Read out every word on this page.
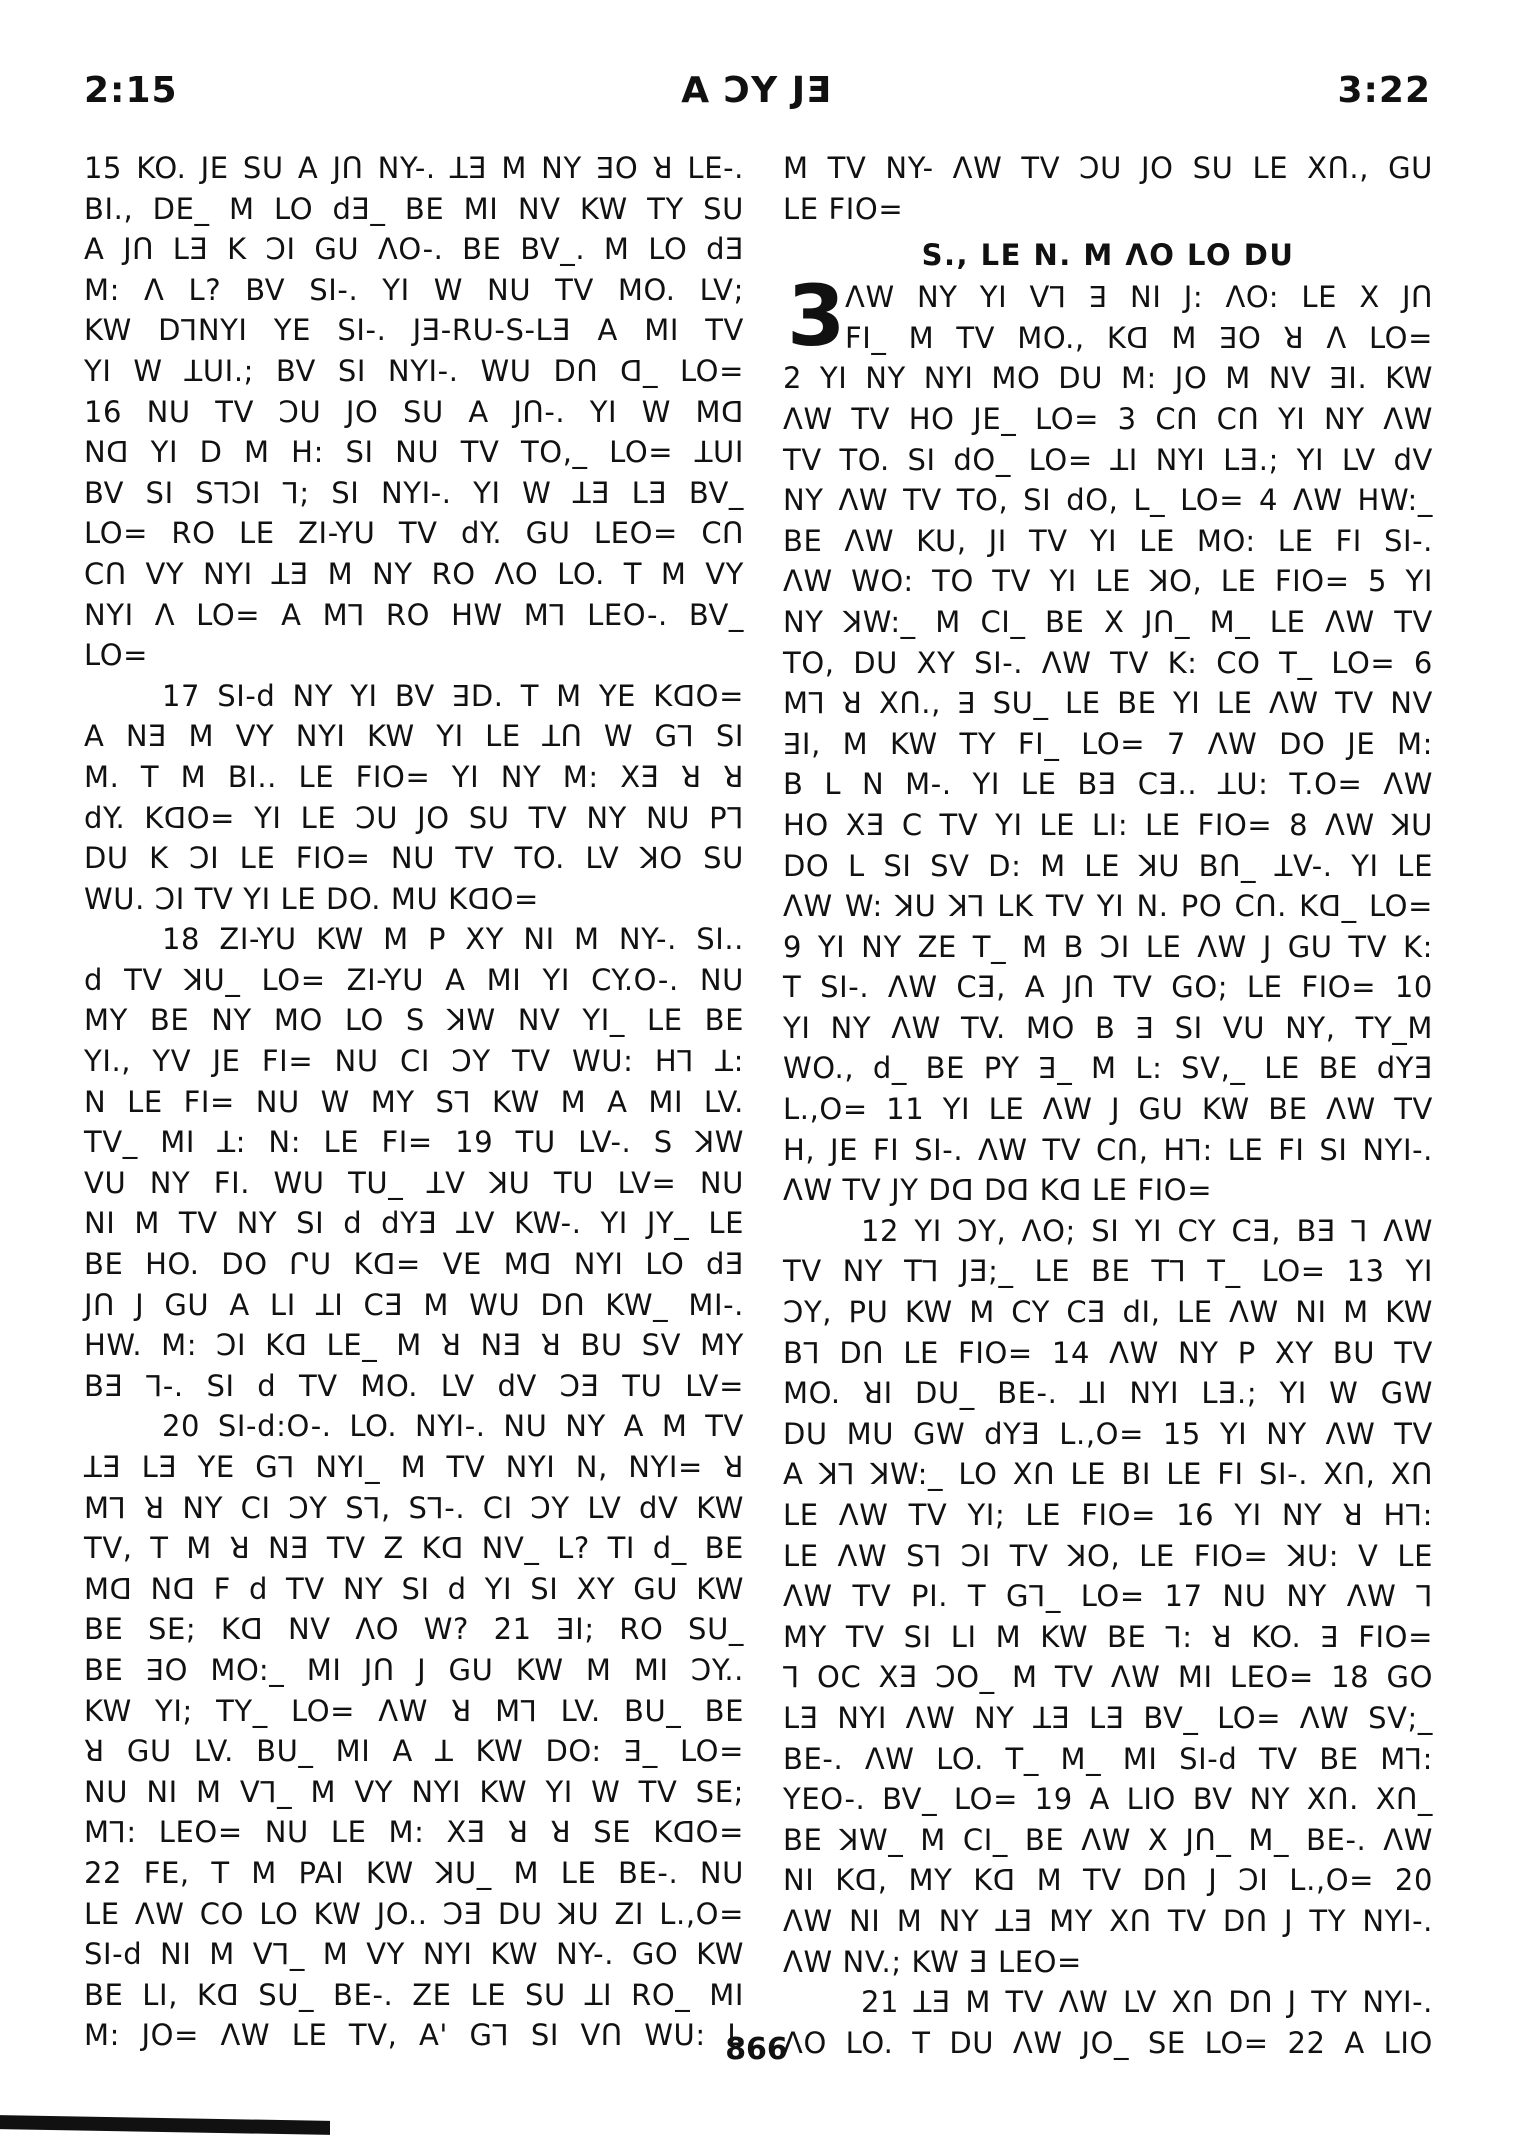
2:15	A ƆY JƎ	3:22
15 KO. JE SU A JՈ NY-. ꓕƎ M NY ꓱO ꓤ LE-.
BI., DE_ M LO dƎ_ BE MI NV KW TY SU
A JՈ LƎ K ƆI GU ΛO-. BE BV_. M LO dƎ
M: Λ L? BV SI-. YI W NU TV MO. LV;
KW DꓶNYI YE SI-. JƎ-RU-S-LƎ A MI TV
YI W ꓕUI.; BV SI NYI-. WU DՈ ꓷ_ LO=
16 NU TV ƆU JO SU A JՈ-. YI W Mꓷ
Nꓷ YI D M H: SI NU TV TO,_ LO= ꓕUI
BV SI SꓶƆI ꓶ; SI NYI-. YI W ꓕƎ LƎ BV_
LO= RO LE ZI-YU TV dY. GU LEO= CՈ
CՈ VY NYI ꓕƎ M NY RO ΛO LO. T M VY
NYI Λ LO= A Mꓶ RO HW Mꓶ LEO-. BV_
LO=
17 SI-d NY YI BV ꓱD. T M YE KꓷO=
A NƎ M VY NYI KW YI LE ꓕՈ W Gꓶ SI
M. T M BI.. LE FIO= YI NY M: XƎ ꓤ ꓤ
dY. KꓷO= YI LE ƆU JO SU TV NY NU Pꓶ
DU K ƆI LE FIO= NU TV TO. LV ꓘO SU
WU. ƆI TV YI LE DO. MU KꓷO=
18 ZI-YU KW M P XY NI M NY-. SI..
d TV ꓘU_ LO= ZI-YU A MI YI CY.O-. NU
MY BE NY MO LO S ꓘW NV YI_ LE BE
YI., YV JE FI= NU CI ƆY TV WU: Hꓶ ꓕ:
N LE FI= NU W MY Sꓶ KW M A MI LV.
TV_ MI ꓕ: N: LE FI= 19 TU LV-. S ꓘW
VU NY FI. WU TU_ ꓕV ꓘU TU LV= NU
NI M TV NY SI d dYƎ ꓕV KW-. YI JY_ LE
BE HO. DO ՐU Kꓷ= VE Mꓷ NYI LO dƎ
JՈ J GU A LI ꓕI CƎ M WU DՈ KW_ MI-.
HW. M: ƆI Kꓷ LE_ M ꓤ NƎ ꓤ BU SV MY
BƎ ꓶ-. SI d TV MO. LV dV ƆƎ TU LV=
20 SI-d:O-. LO. NYI-. NU NY A M TV
ꓕƎ LƎ YE Gꓶ NYI_ M TV NYI N, NYI= ꓤ
Mꓶ ꓤ NY CI ƆY Sꓶ, Sꓶ-. CI ƆY LV dV KW
TV, T M ꓤ NƎ TV Z Kꓷ NV_ L? TI d_ BE
Mꓷ Nꓷ F d TV NY SI d YI SI XY GU KW
BE SE; Kꓷ NV ΛO W? 21 ꓱI; RO SU_
BE ꓱO MO:_ MI JՈ J GU KW M MI ƆY..
KW YI; TY_ LO= ΛW ꓤ Mꓶ LV. BU_ BE
ꓤ GU LV. BU_ MI A ꓕ KW DO: ꓱ_ LO=
NU NI M Vꓶ_ M VY NYI KW YI W TV SE;
Mꓶ: LEO= NU LE M: XƎ ꓤ ꓤ SE KꓷO=
22 FE, T M PAI KW ꓘU_ M LE BE-. NU
LE ΛW CO LO KW JO.. ƆƎ DU ꓘU ZI L.,O=
SI-d NI M Vꓶ_ M VY NYI KW NY-. GO KW
BE LI, Kꓷ SU_ BE-. ZE LE SU ꓕI RO_ MI
M: JO= ΛW LE TV, A' Gꓶ SI VՈ WU: L
M TV NY- ΛW TV ƆU JO SU LE XՈ., GU
LE FIO=
S., LE N. M ΛO LO DU
3
ΛW NY YI Vꓶ ꓱ NI J: ΛO: LE X JՈ
FI_ M TV MO., Kꓷ M ꓱO ꓤ Λ LO=
2 YI NY NYI MO DU M: JO M NV ꓱI. KW
ΛW TV HO JE_ LO= 3 CՈ CՈ YI NY ΛW
TV TO. SI dO_ LO= ꓕI NYI LƎ.; YI LV dV
NY ΛW TV TO, SI dO, L_ LO= 4 ΛW HW:_
BE ΛW KU, JI TV YI LE MO: LE FI SI-.
ΛW WO: TO TV YI LE ꓘO, LE FIO= 5 YI
NY ꓘW:_ M CI_ BE X JՈ_ M_ LE ΛW TV
TO, DU XY SI-. ΛW TV K: CO T_ LO= 6
Mꓶ ꓤ XՈ., ꓱ SU_ LE BE YI LE ΛW TV NV
ꓱI, M KW TY FI_ LO= 7 ΛW DO JE M:
B L N M-. YI LE BƎ CƎ.. ꓕU: T.O= ΛW
HO XƎ C TV YI LE LI: LE FIO= 8 ΛW ꓘU
DO L SI SV D: M LE ꓘU BՈ_ ꓕV-. YI LE
ΛW W: ꓘU ꓘꓶ LK TV YI N. PO CՈ. Kꓷ_ LO=
9 YI NY ZE T_ M B ƆI LE ΛW J GU TV K:
T SI-. ΛW CƎ, A JՈ TV GO; LE FIO= 10
YI NY ΛW TV. MO B ꓱ SI VU NY, TY_M
WO., d_ BE PY ꓱ_ M L: SV,_ LE BE dYƎ
L.,O= 11 YI LE ΛW J GU KW BE ΛW TV
H, JE FI SI-. ΛW TV CՈ, Hꓶ: LE FI SI NYI-.
ΛW TV JY Dꓷ Dꓷ Kꓷ LE FIO=
12 YI ƆY, ΛO; SI YI CY CƎ, BƎ ꓶ ΛW
TV NY Tꓶ JƎ;_ LE BE Tꓶ T_ LO= 13 YI
ƆY, PU KW M CY CƎ dI, LE ΛW NI M KW
Bꓶ DՈ LE FIO= 14 ΛW NY P XY BU TV
MO. ꓤI DU_ BE-. ꓕI NYI LƎ.; YI W GW
DU MU GW dYƎ L.,O= 15 YI NY ΛW TV
A ꓘꓶ ꓘW:_ LO XՈ LE BI LE FI SI-. XՈ, XՈ
LE ΛW TV YI; LE FIO= 16 YI NY ꓤ Hꓶ:
LE ΛW Sꓶ ƆI TV ꓘO, LE FIO= ꓘU: V LE
ΛW TV PI. T Gꓶ_ LO= 17 NU NY ΛW ꓶ
MY TV SI LI M KW BE ꓶ: ꓤ KO. ꓱ FIO=
ꓶ OC XƎ ƆO_ M TV ΛW MI LEO= 18 GO
LƎ NYI ΛW NY ꓕƎ LƎ BV_ LO= ΛW SV;_
BE-. ΛW LO. T_ M_ MI SI-d TV BE Mꓶ:
YEO-. BV_ LO= 19 A LIO BV NY XՈ. XՈ_
BE ꓘW_ M CI_ BE ΛW X JՈ_ M_ BE-. ΛW
NI Kꓷ, MY Kꓷ M TV DՈ J ƆI L.,O= 20
ΛW NI M NY ꓕƎ MY XՈ TV DՈ J TY NYI-.
ΛW NV.; KW Ǝ LEO=
21 ꓕƎ M TV ΛW LV XՈ DՈ J TY NYI-.
ΛO LO. T DU ΛW JO_ SE LO= 22 A LIO
866
